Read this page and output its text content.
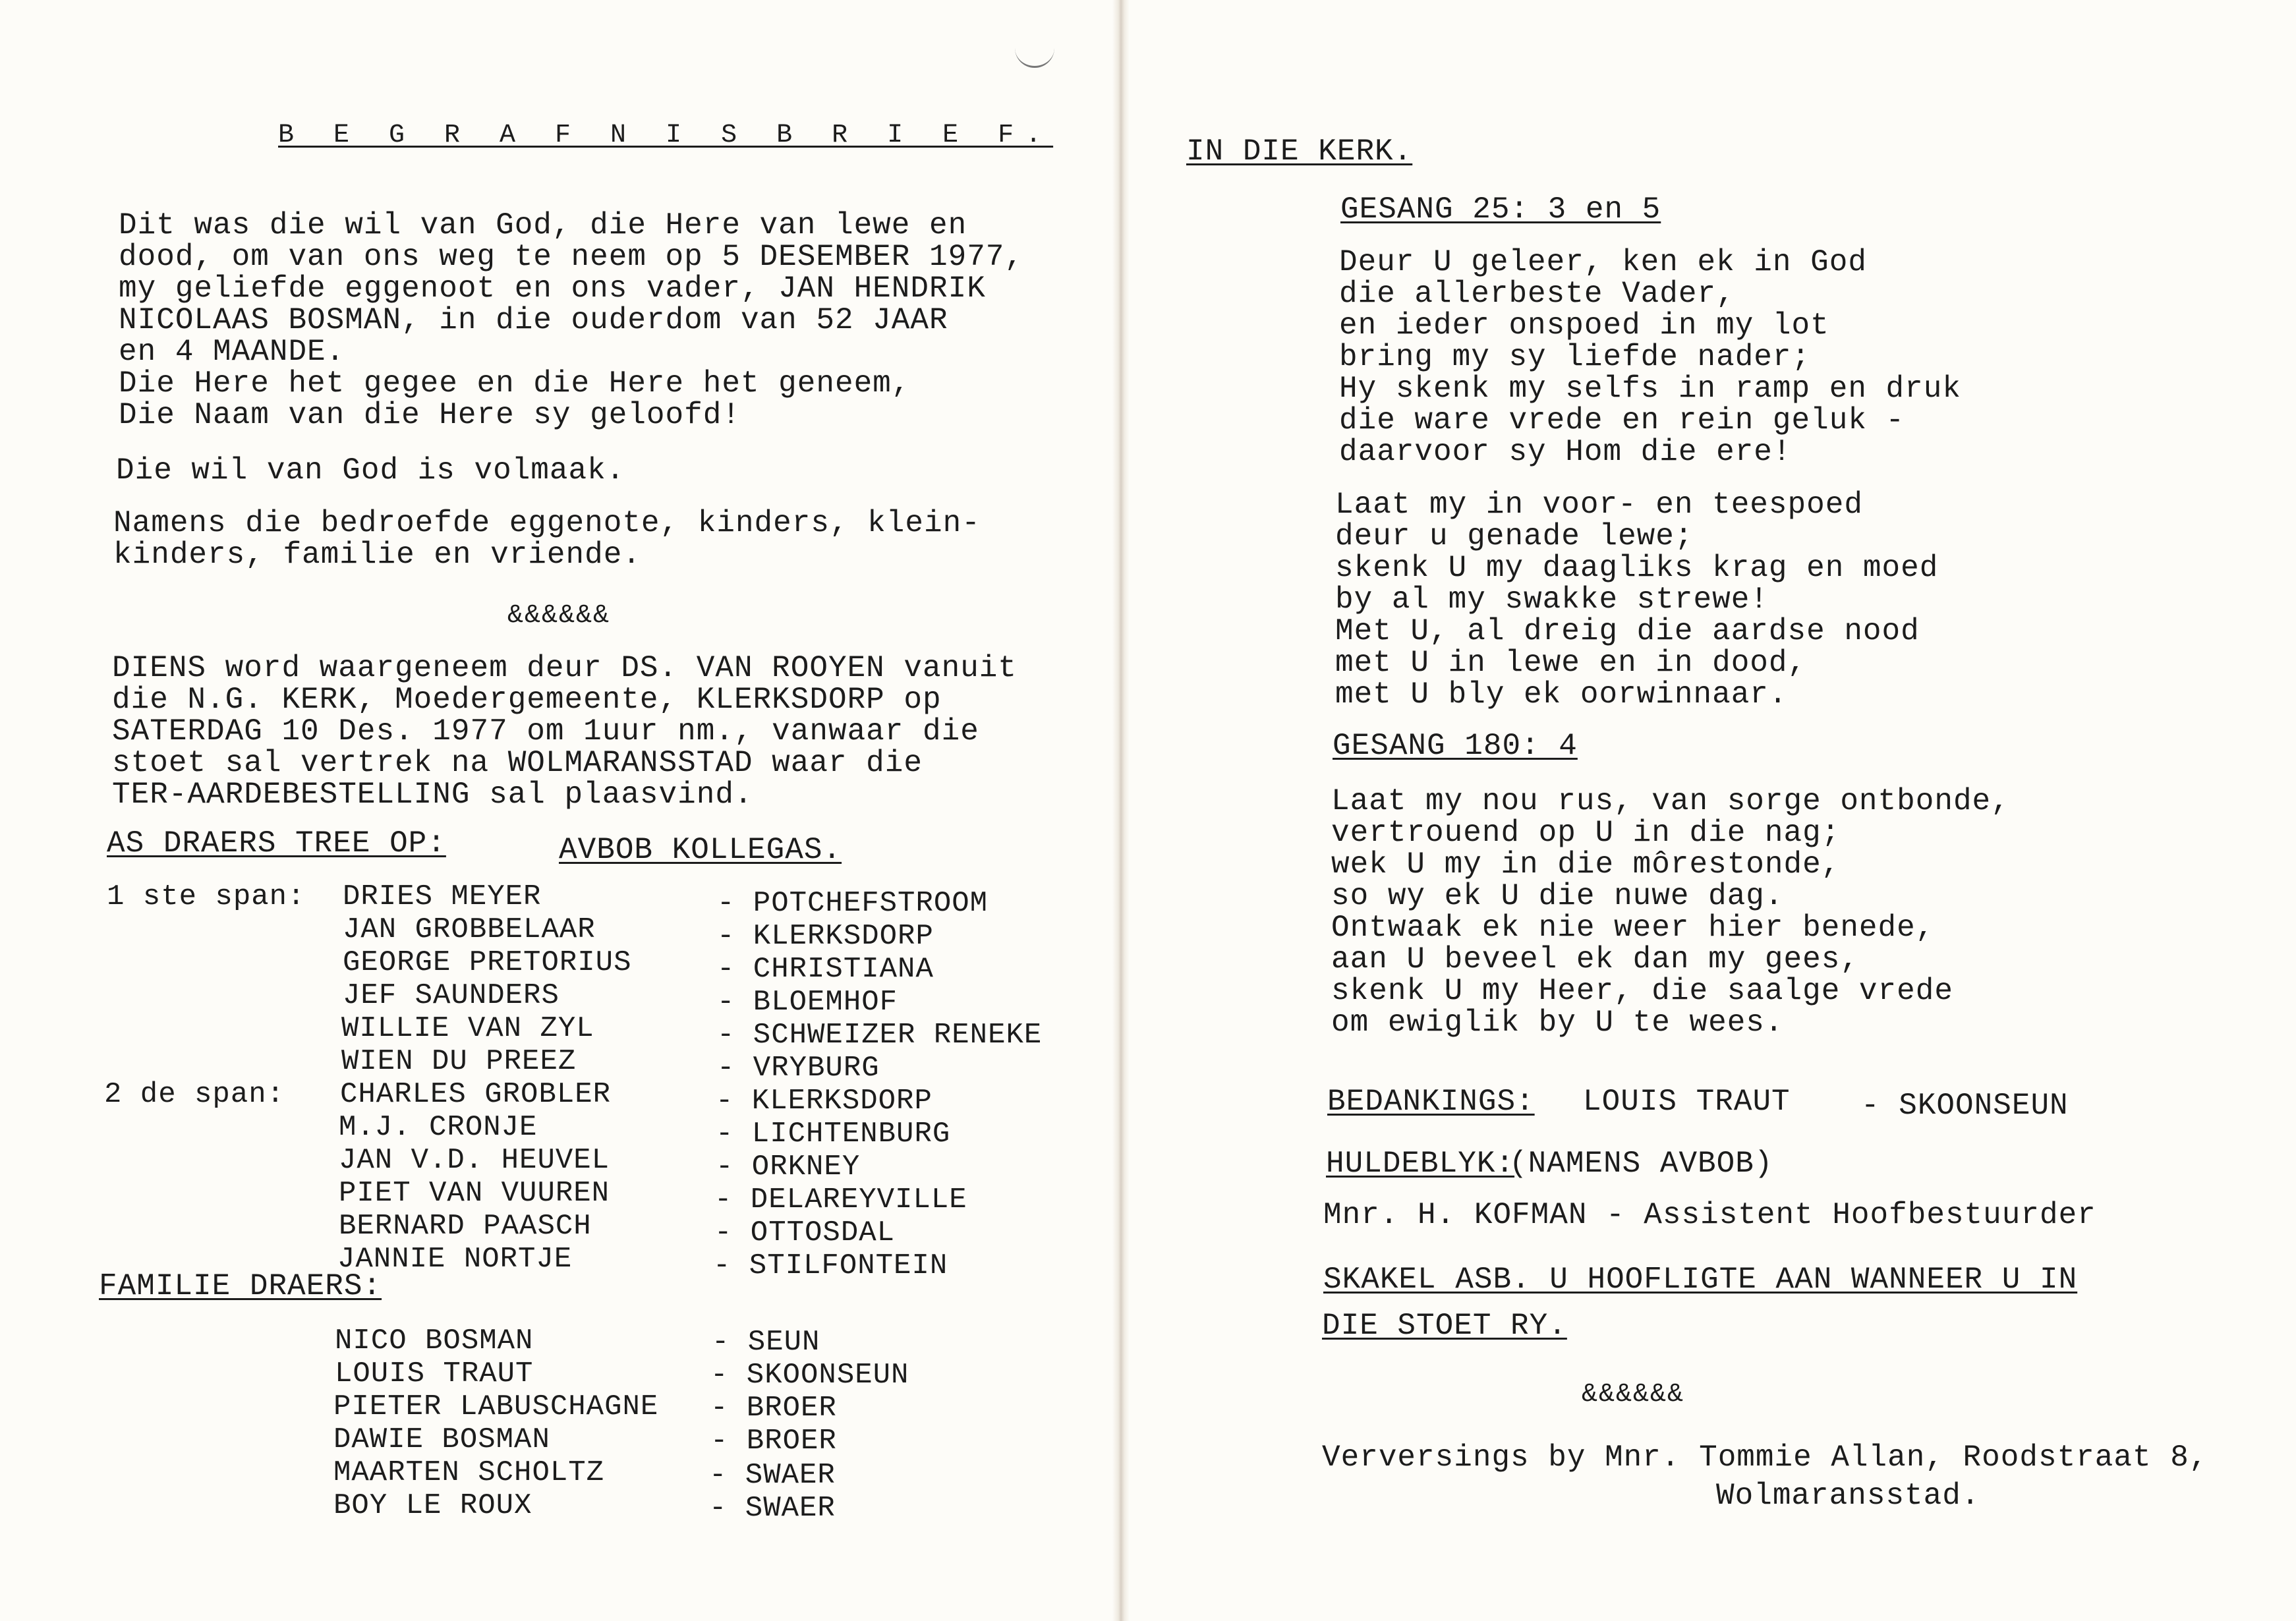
B E G R A F N I S B R I E F.
Dit was die wil van God, die Here van lewe en
dood, om van ons weg te neem op 5 DESEMBER 1977,
my geliefde eggenoot en ons vader, JAN HENDRIK
NICOLAAS BOSMAN, in die ouderdom van 52 JAAR
en 4 MAANDE.
Die Here het gegee en die Here het geneem,
Die Naam van die Here sy geloofd!
Die wil van God is volmaak.
Namens die bedroefde eggenote, kinders, klein-
kinders, familie en vriende.
&&&&&&
DIENS word waargeneem deur DS. VAN ROOYEN vanuit
die N.G. KERK, Moedergemeente, KLERKSDORP op
SATERDAG 10 Des. 1977 om 1uur nm., vanwaar die
stoet sal vertrek na WOLMARANSSTAD waar die
TER-AARDEBESTELLING sal plaasvind.
AS DRAERS TREE OP:	AVBOB KOLLEGAS.
1 ste span: DRIES MEYER	- POTCHEFSTROOM
JAN GROBBELAAR	- KLERKSDORP
GEORGE PRETORIUS	- CHRISTIANA
JEF SAUNDERS	- BLOEMHOF
WILLIE VAN ZYL	- SCHWEIZER RENEKE
WIEN DU PREEZ	- VRYBURG
2 de span: CHARLES GROBLER	- KLERKSDORP
M.J. CRONJE	- LICHTENBURG
JAN V.D. HEUVEL	- ORKNEY
PIET VAN VUUREN	- DELAREYVILLE
BERNARD PAASCH	- OTTOSDAL
JANNIE NORTJE	- STILFONTEIN
FAMILIE DRAERS:
NICO BOSMAN	- SEUN
LOUIS TRAUT	- SKOONSEUN
PIETER LABUSCHAGNE - BROER
DAWIE BOSMAN	- BROER
MAARTEN SCHOLTZ	- SWAER
BOY LE ROUX	- SWAER
IN DIE KERK.
GESANG 25: 3 en 5
Deur U geleer, ken ek in God
die allerbeste Vader,
en ieder onspoed in my lot
bring my sy liefde nader;
Hy skenk my selfs in ramp en druk
die ware vrede en rein geluk -
daarvoor sy Hom die ere!
Laat my in voor- en teespoed
deur u genade lewe;
skenk U my daagliks krag en moed
by al my swakke strewe!
Met U, al dreig die aardse nood
met U in lewe en in dood,
met U bly ek oorwinnaar.
GESANG 180: 4
Laat my nou rus, van sorge ontbonde,
vertrouend op U in die nag;
wek U my in die môrestonde,
so wy ek U die nuwe dag.
Ontwaak ek nie weer hier benede,
aan U beveel ek dan my gees,
skenk U my Heer, die saalge vrede
om ewiglik by U te wees.
BEDANKINGS: LOUIS TRAUT - SKOONSEUN
HULDEBLYK:
(NAMENS AVBOB)
Mnr. H. KOFMAN - Assistent Hoofbestuurder
SKAKEL ASB. U HOOFLIGTE AAN WANNEER U IN
DIE STOET RY.
&&&&&&
Verversings by Mnr. Tommie Allan, Roodstraat 8,
Wolmaransstad.
